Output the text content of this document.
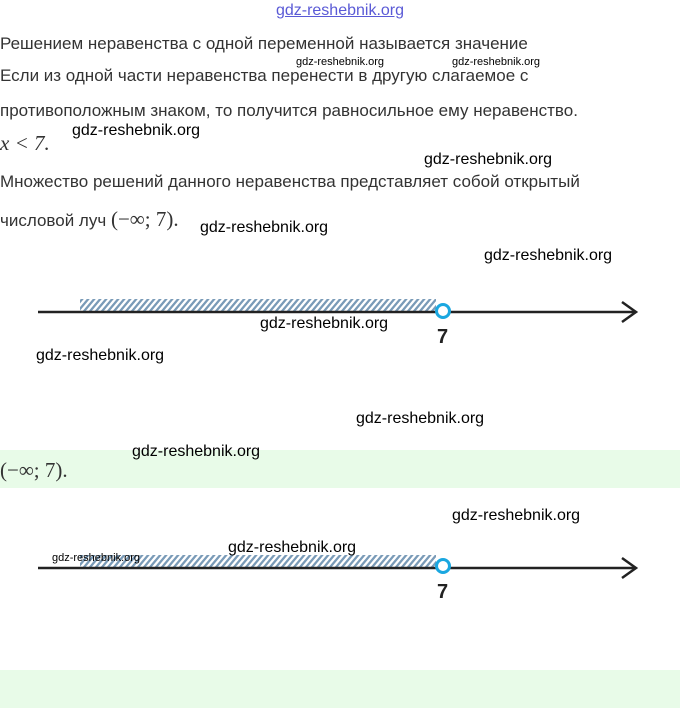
gdz-reshebnik.org
Решением неравенства с одной переменной называется значение
Если из одной части неравенства перенести в другую слагаемое с
противоположным знаком, то получится равносильное ему неравенство.
x < 7.
Множество решений данного неравенства представляет собой открытый
числовой луч (−∞; 7).
7
(−∞; 7).
7
gdz-reshebnik.org	gdz-reshebnik.org
gdz-reshebnik.org
gdz-reshebnik.org
gdz-reshebnik.org
gdz-reshebnik.org
gdz-reshebnik.org
gdz-reshebnik.org
gdz-reshebnik.org
gdz-reshebnik.org
gdz-reshebnik.org
gdz-reshebnik.org
gdz-reshebnik.org
